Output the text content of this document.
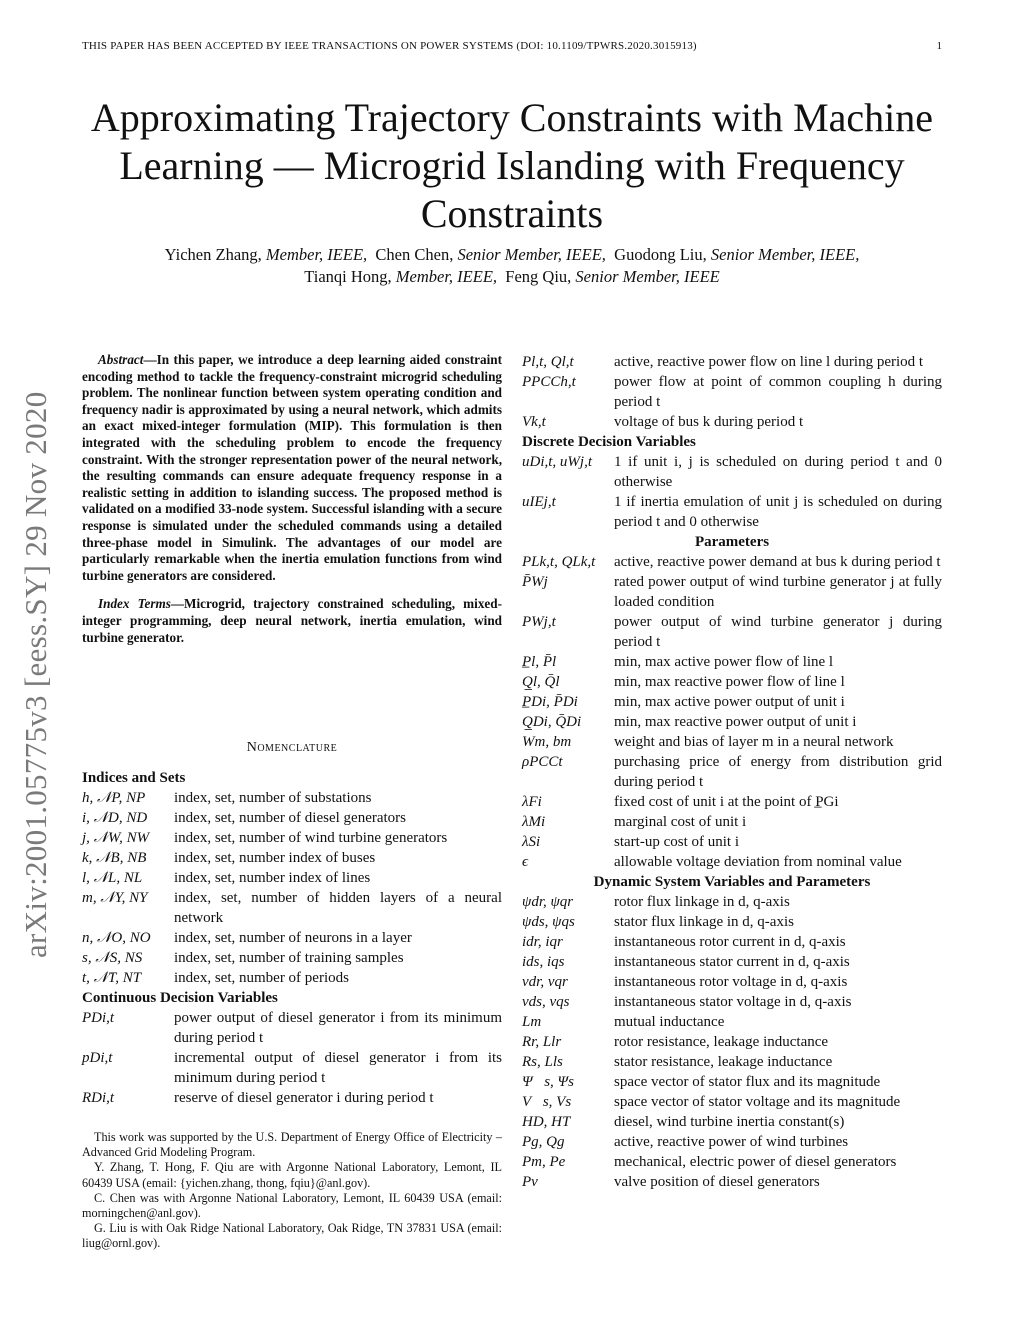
THIS PAPER HAS BEEN ACCEPTED BY IEEE TRANSACTIONS ON POWER SYSTEMS (DOI: 10.1109/TPWRS.2020.3015913)	1
Approximating Trajectory Constraints with Machine Learning — Microgrid Islanding with Frequency Constraints
Yichen Zhang, Member, IEEE, Chen Chen, Senior Member, IEEE, Guodong Liu, Senior Member, IEEE,
Tianqi Hong, Member, IEEE, Feng Qiu, Senior Member, IEEE
arXiv:2001.05775v3 [eess.SY] 29 Nov 2020

Abstract—In this paper, we introduce a deep learning aided constraint encoding method to tackle the frequency-constraint microgrid scheduling problem. The nonlinear function between system operating condition and frequency nadir is approximated by using a neural network, which admits an exact mixed-integer formulation (MIP). This formulation is then integrated with the scheduling problem to encode the frequency constraint. With the stronger representation power of the neural network, the resulting commands can ensure adequate frequency response in a realistic setting in addition to islanding success. The proposed method is validated on a modified 33-node system. Successful islanding with a secure response is simulated under the scheduled commands using a detailed three-phase model in Simulink. The advantages of our model are particularly remarkable when the inertia emulation functions from wind turbine generators are considered.

Index Terms—Microgrid, trajectory constrained scheduling, mixed-integer programming, deep neural network, inertia emulation, wind turbine generator.

Nomenclature
Indices and Sets
h, 𝒩P, NP	index, set, number of substations
i, 𝒩D, ND	index, set, number of diesel generators
j, 𝒩W, NW	index, set, number of wind turbine generators
k, 𝒩B, NB	index, set, number index of buses
l, 𝒩L, NL	index, set, number index of lines
m, 𝒩Y, NY	index, set, number of hidden layers of a neural network
n, 𝒩O, NO	index, set, number of neurons in a layer
s, 𝒩S, NS	index, set, number of training samples
t, 𝒩T, NT	index, set, number of periods
Continuous Decision Variables
PDi,t	power output of diesel generator i from its minimum during period t
pDi,t	incremental output of diesel generator i from its minimum during period t
RDi,t	reserve of diesel generator i during period t
Pl,t, Ql,t	active, reactive power flow on line l during period t
PPCCh,t	power flow at point of common coupling h during period t
Vk,t	voltage of bus k during period t
Discrete Decision Variables
uDi,t, uWj,t	1 if unit i, j is scheduled on during period t and 0 otherwise
uIEj,t	1 if inertia emulation of unit j is scheduled on during period t and 0 otherwise
Parameters
PLk,t, QLk,t	active, reactive power demand at bus k during period t
P̄Wj	rated power output of wind turbine generator j at fully loaded condition
PWj,t	power output of wind turbine generator j during period t
P̲l, P̄l	min, max active power flow of line l
Q̲l, Q̄l	min, max reactive power flow of line l
P̲Di, P̄Di	min, max active power output of unit i
Q̲Di, Q̄Di	min, max reactive power output of unit i
Wm, bm	weight and bias of layer m in a neural network
ρPCCt	purchasing price of energy from distribution grid during period t
λFi	fixed cost of unit i at the point of P̲Gi
λMi	marginal cost of unit i
λSi	start-up cost of unit i
ϵ	allowable voltage deviation from nominal value
Dynamic System Variables and Parameters
ψdr, ψqr	rotor flux linkage in d, q-axis
ψds, ψqs	stator flux linkage in d, q-axis
idr, iqr	instantaneous rotor current in d, q-axis
ids, iqs	instantaneous stator current in d, q-axis
vdr, vqr	instantaneous rotor voltage in d, q-axis
vds, vqs	instantaneous stator voltage in d, q-axis
Lm	mutual inductance
Rr, Llr	rotor resistance, leakage inductance
Rs, Lls	stator resistance, leakage inductance
Ψ⃗s, Ψs	space vector of stator flux and its magnitude
V⃗s, Vs	space vector of stator voltage and its magnitude
HD, HT	diesel, wind turbine inertia constant(s)
Pg, Qg	active, reactive power of wind turbines
Pm, Pe	mechanical, electric power of diesel generators
Pv	valve position of diesel generators

This work was supported by the U.S. Department of Energy Office of Electricity – Advanced Grid Modeling Program.

Y. Zhang, T. Hong, F. Qiu are with Argonne National Laboratory, Lemont, IL 60439 USA (email: {yichen.zhang, thong, fqiu}@anl.gov).

C. Chen was with Argonne National Laboratory, Lemont, IL 60439 USA (email: morningchen@anl.gov).

G. Liu is with Oak Ridge National Laboratory, Oak Ridge, TN 37831 USA (email: liug@ornl.gov).
